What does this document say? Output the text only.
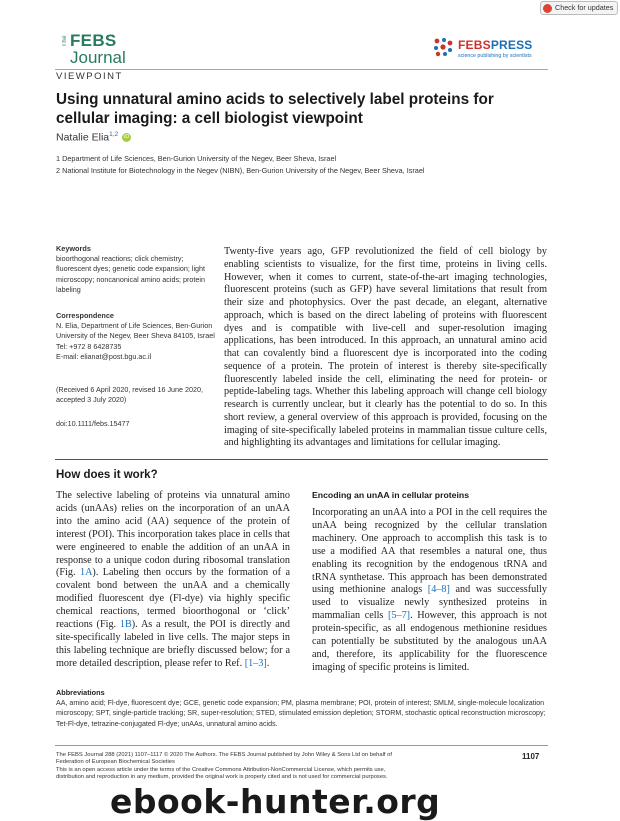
Check for updates
The FEBS
Journal
FEBSPRESS
science publishing by scientists
VIEWPOINT
Using unnatural amino acids to selectively label proteins for cellular imaging: a cell biologist viewpoint
Natalie Elia$^{1,2}$ iD
1 Department of Life Sciences, Ben-Gurion University of the Negev, Beer Sheva, Israel
2 National Institute for Biotechnology in the Negev (NIBN), Ben-Gurion University of the Negev, Beer Sheva, Israel
Keywords
bioorthogonal reactions; click chemistry; fluorescent dyes; genetic code expansion; light microscopy; noncanonical amino acids; protein labeling
Correspondence
N. Elia, Department of Life Sciences, Ben-Gurion University of the Negev, Beer Sheva 84105, Israel
Tel: +972 8 6428735
E-mail: elianat@post.bgu.ac.il
(Received 6 April 2020, revised 16 June 2020, accepted 3 July 2020)
doi:10.1111/febs.15477
Twenty-five years ago, GFP revolutionized the field of cell biology by enabling scientists to visualize, for the first time, proteins in living cells. However, when it comes to current, state-of-the-art imaging technologies, fluorescent proteins (such as GFP) have several limitations that result from their size and photophysics. Over the past decade, an elegant, alternative approach, which is based on the direct labeling of proteins with fluorescent dyes and is compatible with live-cell and super-resolution imaging applications, has been introduced. In this approach, an unnatural amino acid that can covalently bind a fluorescent dye is incorporated into the coding sequence of a protein. The protein of interest is thereby site-specifically fluorescently labeled inside the cell, eliminating the need for protein- or peptide-labeling tags. Whether this labeling approach will change cell biology research is currently unclear, but it clearly has the potential to do so. In this short review, a general overview of this approach is provided, focusing on the imaging of site-specifically labeled proteins in mammalian tissue culture cells, and highlighting its advantages and limitations for cellular imaging.
How does it work?
The selective labeling of proteins via unnatural amino acids (unAAs) relies on the incorporation of an unAA into the amino acid (AA) sequence of the protein of interest (POI). This incorporation takes place in cells that were engineered to enable the addition of an unAA in response to a unique codon during ribosomal translation (Fig. 1A). Labeling then occurs by the formation of a covalent bond between the unAA and a chemically modified fluorescent dye (Fl-dye) via highly specific chemical reactions, termed bioorthogonal or ‘click’ reactions (Fig. 1B). As a result, the POI is directly and site-specifically labeled in live cells. The major steps in this labeling technique are briefly discussed below; for a more detailed description, please refer to Ref. [1–3].
Encoding an unAA in cellular proteins
Incorporating an unAA into a POI in the cell requires the unAA being recognized by the cellular translation machinery. One approach to accomplish this task is to use a modified AA that resembles a natural one, thus enabling its recognition by the endogenous tRNA and tRNA synthetase. This approach has been demonstrated using methionine analogs [4–8] and was successfully used to visualize newly synthesized proteins in mammalian cells [5–7]. However, this approach is not protein-specific, as all endogenous methionine residues can potentially be substituted by the analogous unAA and, therefore, its applicability for the fluorescence imaging of specific proteins is limited.
Abbreviations
AA, amino acid; Fl-dye, fluorescent dye; GCE, genetic code expansion; PM, plasma membrane; POI, protein of interest; SMLM, single-molecule localization microscopy; SPT, single-particle tracking; SR, super-resolution; STED, stimulated emission depletion; STORM, stochastic optical reconstruction microscopy; Tet-Fl-dye, tetrazine-conjugated Fl-dye; unAAs, unnatural amino acids.
The FEBS Journal 288 (2021) 1107–1117 © 2020 The Authors. The FEBS Journal published by John Wiley & Sons Ltd on behalf of
Federation of European Biochemical Societies
This is an open access article under the terms of the Creative Commons Attribution-NonCommercial License, which permits use,
distribution and reproduction in any medium, provided the original work is properly cited and is not used for commercial purposes.
1107
ebook-hunter.org
